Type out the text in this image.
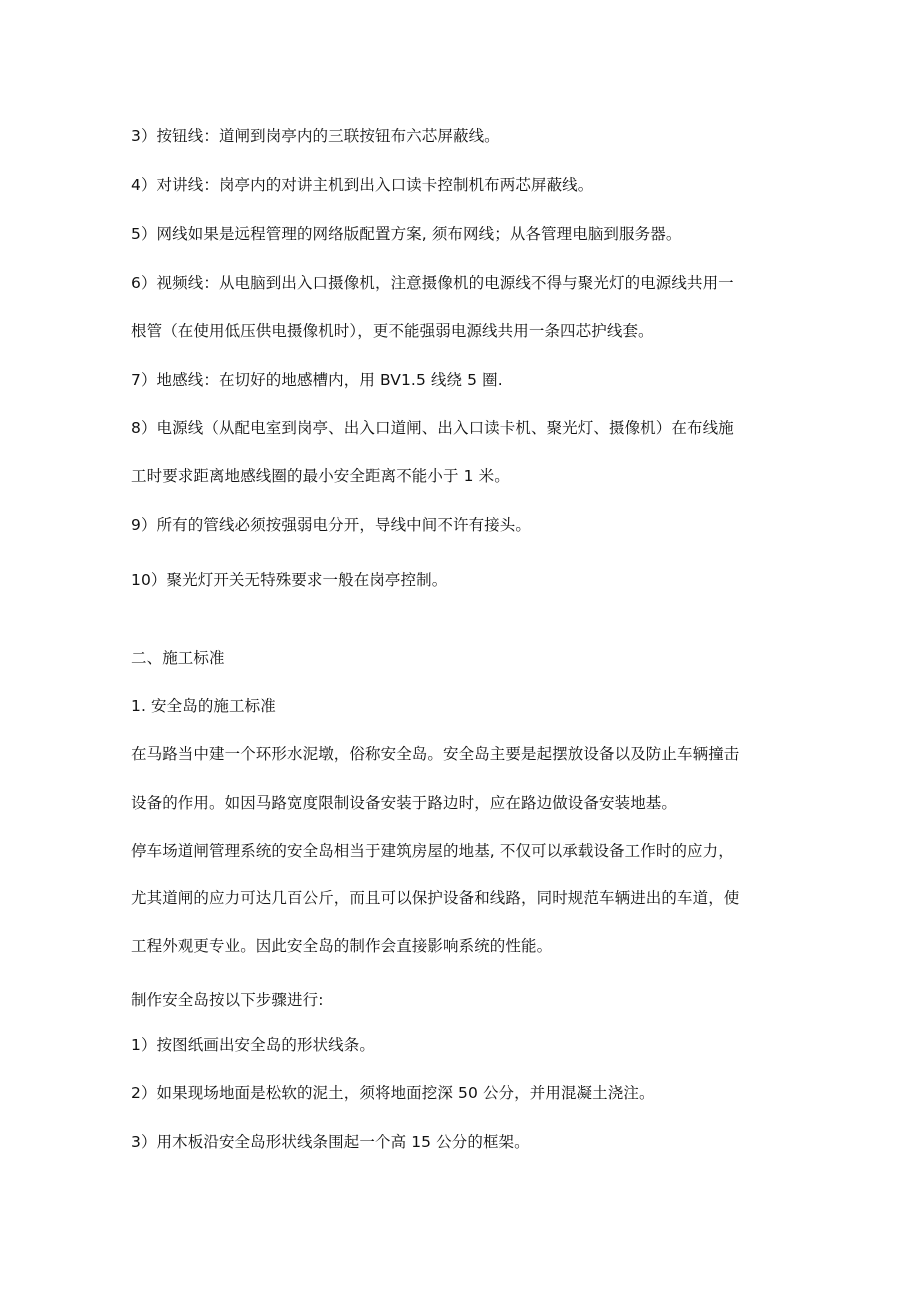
3）按钮线：道闸到岗亭内的三联按钮布六芯屏蔽线。
4）对讲线：岗亭内的对讲主机到出入口读卡控制机布两芯屏蔽线。
5）网线如果是远程管理的网络版配置方案, 须布网线；从各管理电脑到服务器。
6）视频线：从电脑到出入口摄像机，注意摄像机的电源线不得与聚光灯的电源线共用一
根管（在使用低压供电摄像机时），更不能强弱电源线共用一条四芯护线套。
7）地感线：在切好的地感槽内，用 BV1.5 线绕 5 圈.
8）电源线（从配电室到岗亭、出入口道闸、出入口读卡机、聚光灯、摄像机）在布线施
工时要求距离地感线圈的最小安全距离不能小于 1 米。
9）所有的管线必须按强弱电分开，导线中间不许有接头。
10）聚光灯开关无特殊要求一般在岗亭控制。
二、施工标准
1. 安全岛的施工标准
在马路当中建一个环形水泥墩，俗称安全岛。安全岛主要是起摆放设备以及防止车辆撞击
设备的作用。如因马路宽度限制设备安装于路边时，应在路边做设备安装地基。
停车场道闸管理系统的安全岛相当于建筑房屋的地基, 不仅可以承载设备工作时的应力，
尤其道闸的应力可达几百公斤，而且可以保护设备和线路，同时规范车辆进出的车道，使
工程外观更专业。因此安全岛的制作会直接影响系统的性能。
制作安全岛按以下步骤进行:
1）按图纸画出安全岛的形状线条。
2）如果现场地面是松软的泥土，须将地面挖深 50 公分，并用混凝土浇注。
3）用木板沿安全岛形状线条围起一个高 15 公分的框架。
